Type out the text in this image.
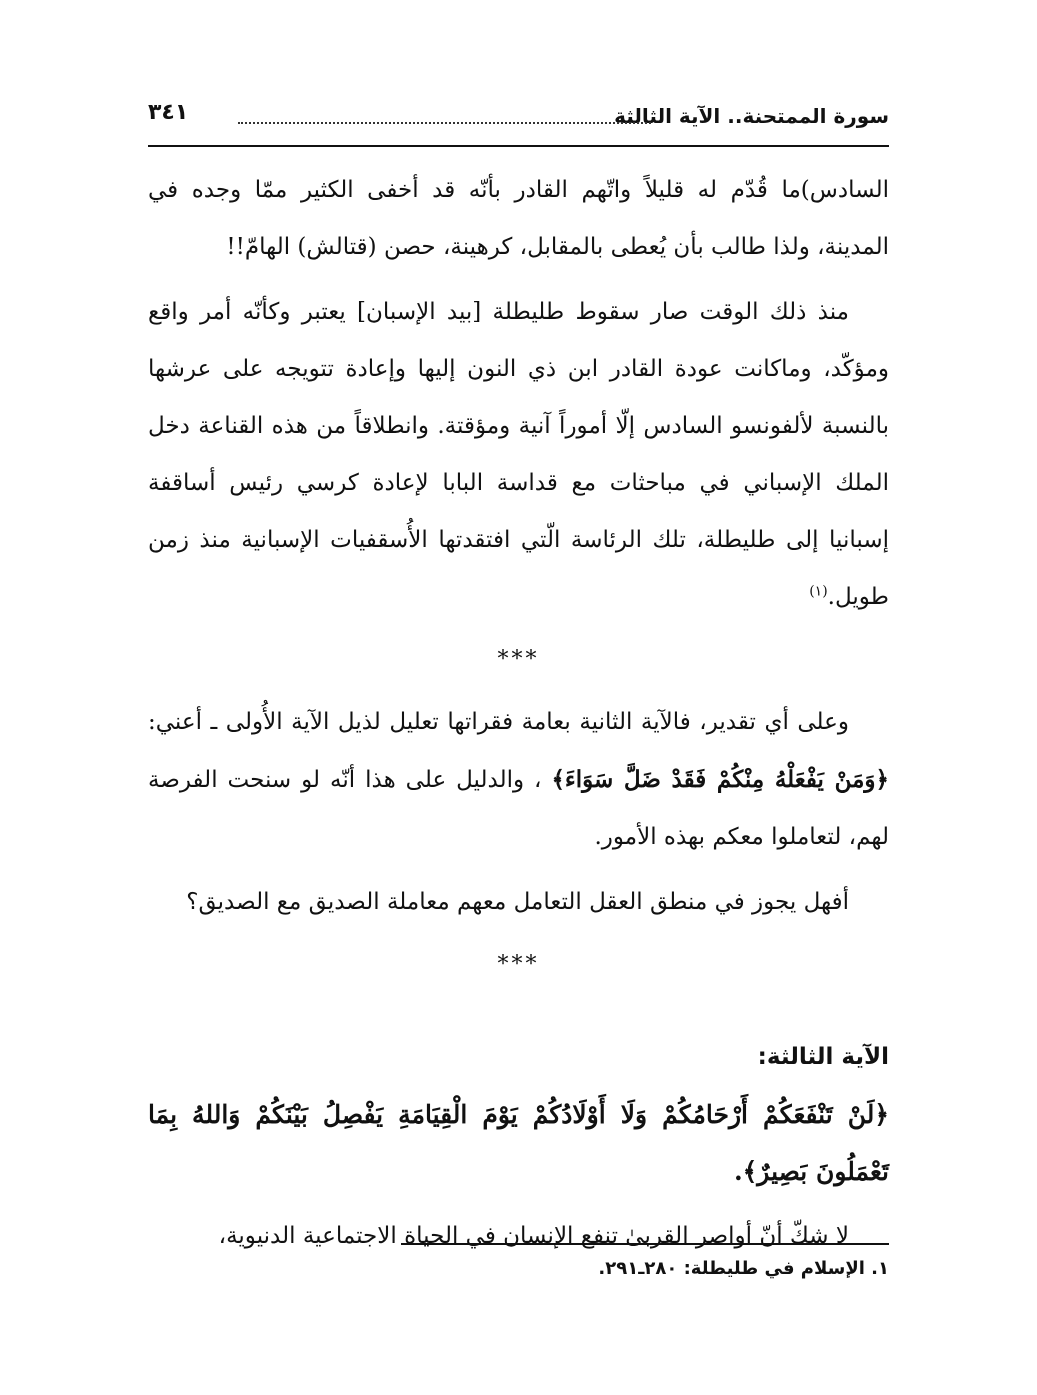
سورة الممتحنة.. الآية الثالثة
٣٤١

السادس)ما قُدّم له قليلاً واتّهم القادر بأنّه قد أخفى الكثير ممّا وجده في المدينة، ولذا طالب بأن يُعطى بالمقابل، كرهينة، حصن (قتالش) الهامّ!!

منذ ذلك الوقت صار سقوط طليطلة [بيد الإسبان] يعتبر وكأنّه أمر واقع ومؤكّد، وماكانت عودة القادر ابن ذي النون إليها وإعادة تتويجه على عرشها بالنسبة لألفونسو السادس إلّا أموراً آنية ومؤقتة. وانطلاقاً من هذه القناعة دخل الملك الإسباني في مباحثات مع قداسة البابا لإعادة كرسي رئيس أساقفة إسبانيا إلى طليطلة، تلك الرئاسة الّتي افتقدتها الأُسقفيات الإسبانية منذ زمن طويل.$^{(١)}$

***

وعلى أي تقدير، فالآية الثانية بعامة فقراتها تعليل لذيل الآية الأُولى ـ أعني: ﴿وَمَنْ يَفْعَلْهُ مِنْكُمْ فَقَدْ ضَلَّ سَوَاءَ﴾ ، والدليل على هذا أنّه لو سنحت الفرصة لهم، لتعاملوا معكم بهذه الأمور.

أفهل يجوز في منطق العقل التعامل معهم معاملة الصديق مع الصديق؟

***

الآية الثالثة:

﴿لَنْ تَنْفَعَكُمْ أَرْحَامُكُمْ وَلَا أَوْلَادُكُمْ يَوْمَ الْقِيَامَةِ يَفْصِلُ بَيْنَكُمْ وَاللهُ بِمَا تَعْمَلُونَ بَصِيرٌ﴾.

لا شكّ أنّ أواصر القربىٰ تنفع الإنسان في الحياة الاجتماعية الدنيوية،

١. الإسلام في طليطلة: ٢٨٠ـ٢٩١.
